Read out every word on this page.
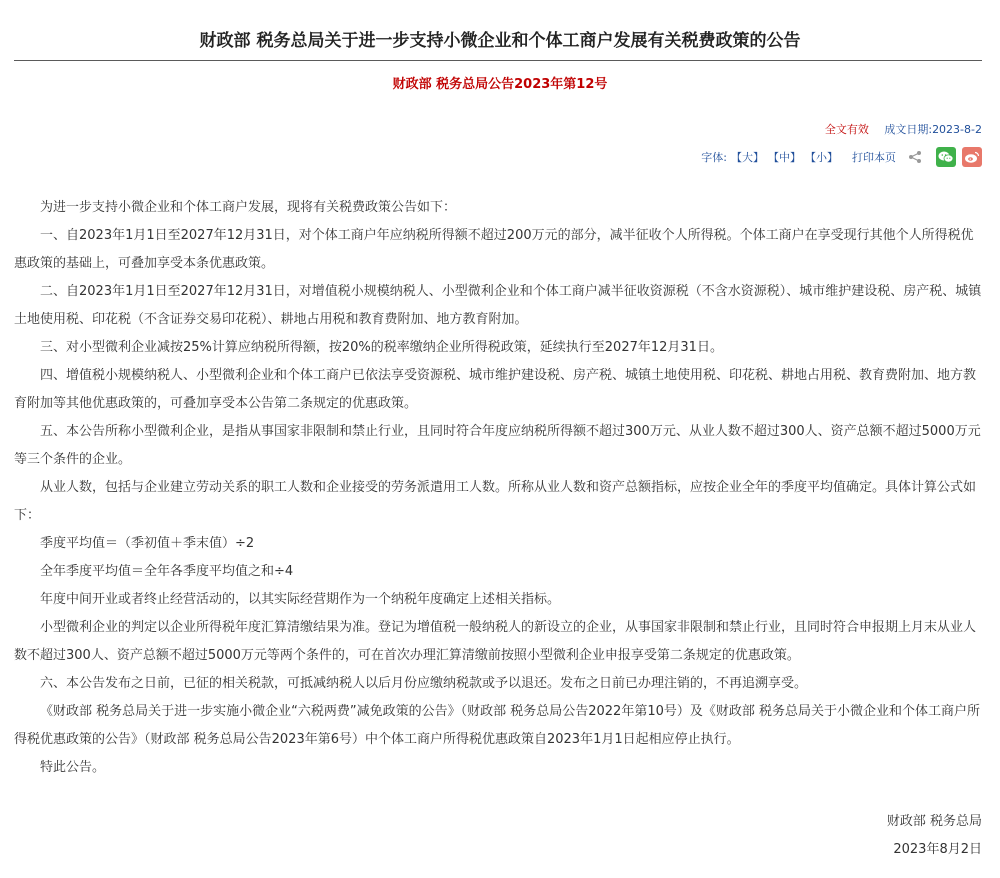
财政部 税务总局关于进一步支持小微企业和个体工商户发展有关税费政策的公告
财政部 税务总局公告2023年第12号
全文有效 成文日期:2023-8-2
字体: 【大】 【中】 【小】 打印本页

为进一步支持小微企业和个体工商户发展，现将有关税费政策公告如下：

一、自2023年1月1日至2027年12月31日，对个体工商户年应纳税所得额不超过200万元的部分，减半征收个人所得税。个体工商户在享受现行其他个人所得税优惠政策的基础上，可叠加享受本条优惠政策。

二、自2023年1月1日至2027年12月31日，对增值税小规模纳税人、小型微利企业和个体工商户减半征收资源税（不含水资源税）、城市维护建设税、房产税、城镇土地使用税、印花税（不含证券交易印花税）、耕地占用税和教育费附加、地方教育附加。

三、对小型微利企业减按25%计算应纳税所得额，按20%的税率缴纳企业所得税政策，延续执行至2027年12月31日。

四、增值税小规模纳税人、小型微利企业和个体工商户已依法享受资源税、城市维护建设税、房产税、城镇土地使用税、印花税、耕地占用税、教育费附加、地方教育附加等其他优惠政策的，可叠加享受本公告第二条规定的优惠政策。

五、本公告所称小型微利企业，是指从事国家非限制和禁止行业，且同时符合年度应纳税所得额不超过300万元、从业人数不超过300人、资产总额不超过5000万元等三个条件的企业。

从业人数，包括与企业建立劳动关系的职工人数和企业接受的劳务派遣用工人数。所称从业人数和资产总额指标，应按企业全年的季度平均值确定。具体计算公式如下：

季度平均值＝（季初值＋季末值）÷2

全年季度平均值＝全年各季度平均值之和÷4

年度中间开业或者终止经营活动的，以其实际经营期作为一个纳税年度确定上述相关指标。

小型微利企业的判定以企业所得税年度汇算清缴结果为准。登记为增值税一般纳税人的新设立的企业，从事国家非限制和禁止行业，且同时符合申报期上月末从业人数不超过300人、资产总额不超过5000万元等两个条件的，可在首次办理汇算清缴前按照小型微利企业申报享受第二条规定的优惠政策。

六、本公告发布之日前，已征的相关税款，可抵减纳税人以后月份应缴纳税款或予以退还。发布之日前已办理注销的，不再追溯享受。

《财政部 税务总局关于进一步实施小微企业“六税两费”减免政策的公告》（财政部 税务总局公告2022年第10号）及《财政部 税务总局关于小微企业和个体工商户所得税优惠政策的公告》（财政部 税务总局公告2023年第6号）中个体工商户所得税优惠政策自2023年1月1日起相应停止执行。

特此公告。

财政部 税务总局
2023年8月2日
